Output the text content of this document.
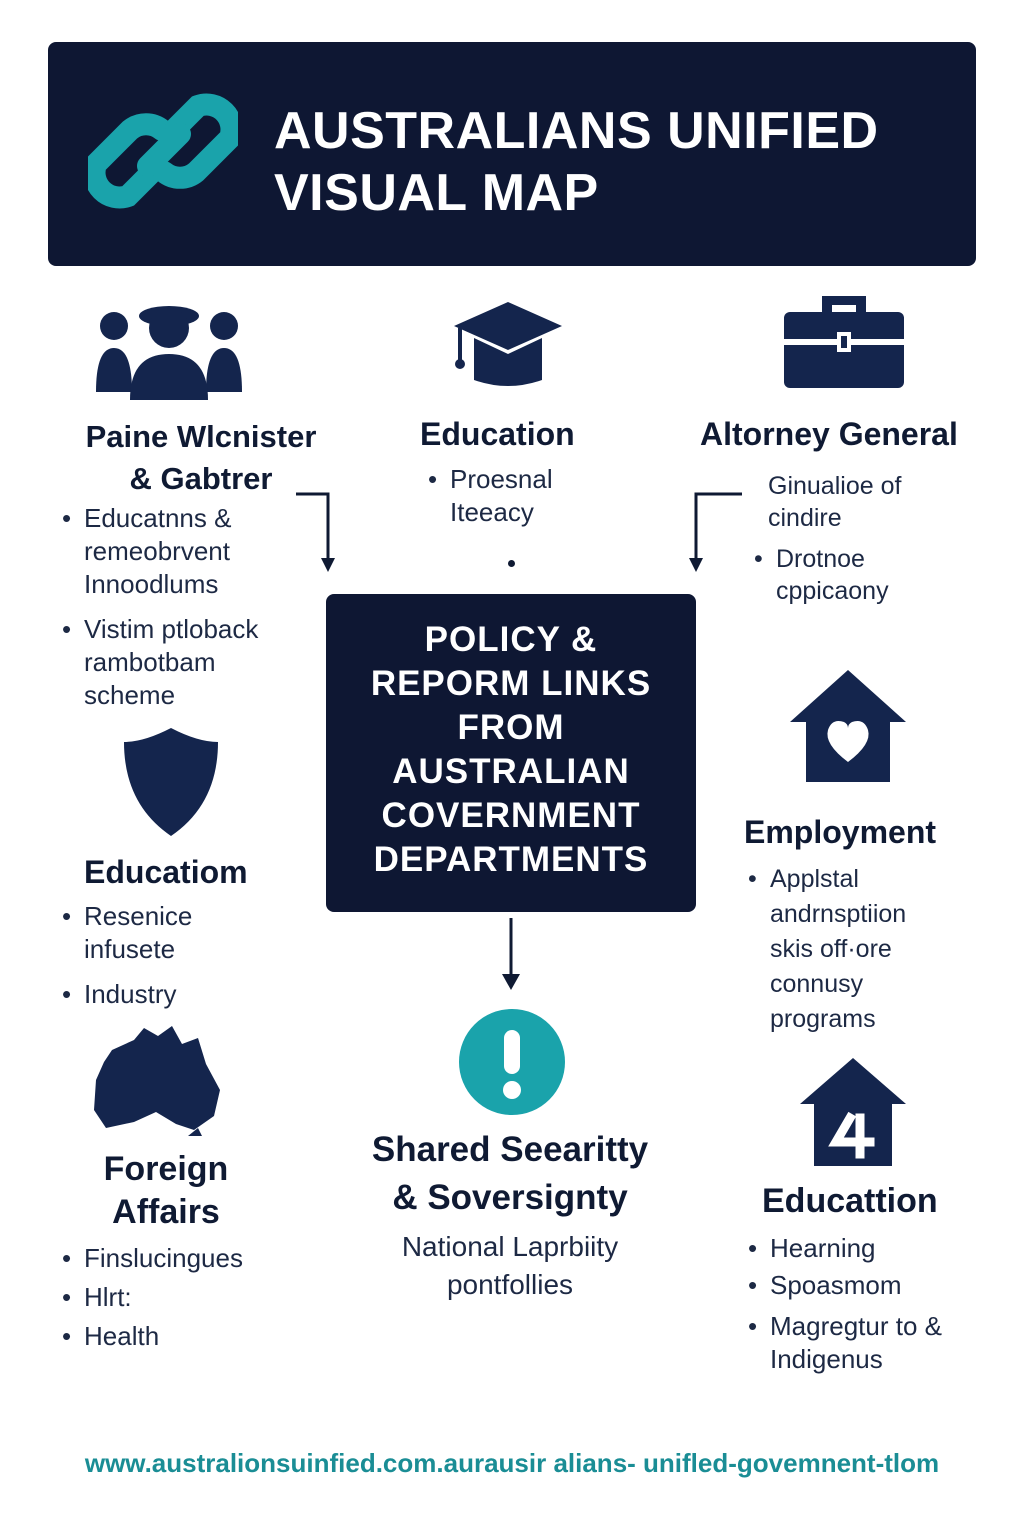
AUSTRALIANS UNIFIED
VISUAL MAP
Paine Wlcnister
& Gabtrer
• Educatnns & remeobrvent Innoodlums
• Vistim ptloback rambotbam scheme
Education
• Proesnal Iteeacy
Altorney General
Ginualioe of cindire
• Drotnoe cppicaony
POLICY &
REPORM LINKS
FROM
AUSTRALIAN
COVERNMENT
DEPARTMENTS
Educatiom
• Resenice infusete
• Industry
Employment
• Applstal andrnsptiion skis off·ore connusy programs
Foreign
Affairs
• Finslucingues
• Hlrt:
• Health
Shared Seearitty
& Soversignty
National Laprbiity
pontfollies
Educattion
• Hearning
• Spoasmom
• Magregtur to & Indigenus
www.australionsuinfied.com.aurausir alians- unifled-govemnent-tlom
